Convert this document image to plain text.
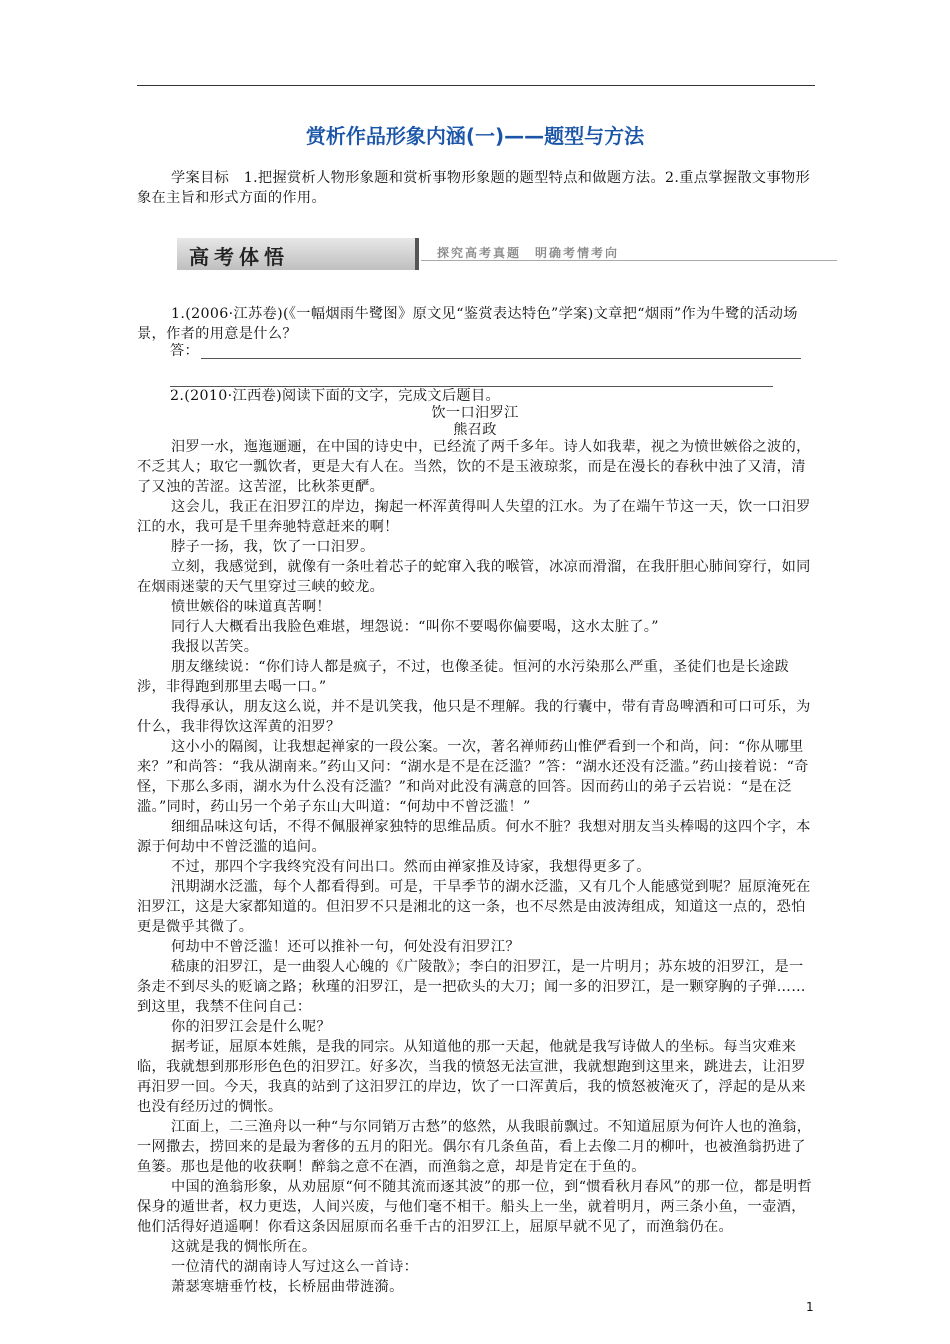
赏析作品形象内涵(一)——题型与方法
学案目标　1.把握赏析人物形象题和赏析事物形象题的题型特点和做题方法。2.重点掌握散文事物形象在主旨和形式方面的作用。
高考体悟	探究高考真题　明确考情考向
1.(2006·江苏卷)(《一幅烟雨牛鹭图》原文见“鉴赏表达特色”学案)文章把“烟雨”作为牛鹭的活动场景，作者的用意是什么？
答：
2.(2010·江西卷)阅读下面的文字，完成文后题目。
饮一口汨罗江
熊召政

汨罗一水，迤迤逦逦，在中国的诗史中，已经流了两千多年。诗人如我辈，视之为愤世嫉俗之波的，不乏其人；取它一瓢饮者，更是大有人在。当然，饮的不是玉液琼浆，而是在漫长的春秋中浊了又清，清了又浊的苦涩。这苦涩，比秋茶更酽。

这会儿，我正在汨罗江的岸边，掬起一杯浑黄得叫人失望的江水。为了在端午节这一天，饮一口汨罗江的水，我可是千里奔驰特意赶来的啊！

脖子一扬，我，饮了一口汨罗。

立刻，我感觉到，就像有一条吐着芯子的蛇窜入我的喉管，冰凉而滑溜，在我肝胆心肺间穿行，如同在烟雨迷蒙的天气里穿过三峡的蛟龙。

愤世嫉俗的味道真苦啊！

同行人大概看出我脸色难堪，埋怨说：“叫你不要喝你偏要喝，这水太脏了。”

我报以苦笑。

朋友继续说：“你们诗人都是疯子，不过，也像圣徒。恒河的水污染那么严重，圣徒们也是长途跋涉，非得跑到那里去喝一口。”

我得承认，朋友这么说，并不是讥笑我，他只是不理解。我的行囊中，带有青岛啤酒和可口可乐，为什么，我非得饮这浑黄的汨罗？

这小小的隔阂，让我想起禅家的一段公案。一次，著名禅师药山惟俨看到一个和尚，问：“你从哪里来？”和尚答：“我从湖南来。”药山又问：“湖水是不是在泛滥？”答：“湖水还没有泛滥。”药山接着说：“奇怪，下那么多雨，湖水为什么没有泛滥？”和尚对此没有满意的回答。因而药山的弟子云岩说：“是在泛滥。”同时，药山另一个弟子东山大叫道：“何劫中不曾泛滥！”

细细品味这句话，不得不佩服禅家独特的思维品质。何水不脏？我想对朋友当头棒喝的这四个字，本源于何劫中不曾泛滥的追问。

不过，那四个字我终究没有问出口。然而由禅家推及诗家，我想得更多了。

汛期湖水泛滥，每个人都看得到。可是，干旱季节的湖水泛滥，又有几个人能感觉到呢？屈原淹死在汨罗江，这是大家都知道的。但汨罗不只是湘北的这一条，也不尽然是由波涛组成，知道这一点的，恐怕更是微乎其微了。

何劫中不曾泛滥！还可以推补一句，何处没有汨罗江？

嵇康的汨罗江，是一曲裂人心魄的《广陵散》；李白的汨罗江，是一片明月；苏东坡的汨罗江，是一条走不到尽头的贬谪之路；秋瑾的汨罗江，是一把砍头的大刀；闻一多的汨罗江，是一颗穿胸的子弹……到这里，我禁不住问自己：

你的汨罗江会是什么呢？

据考证，屈原本姓熊，是我的同宗。从知道他的那一天起，他就是我写诗做人的坐标。每当灾难来临，我就想到那形形色色的汨罗江。好多次，当我的愤怒无法宣泄，我就想跑到这里来，跳进去，让汨罗再汨罗一回。今天，我真的站到了这汨罗江的岸边，饮了一口浑黄后，我的愤怒被淹灭了，浮起的是从来也没有经历过的惆怅。

江面上，二三渔舟以一种“与尔同销万古愁”的悠然，从我眼前飘过。不知道屈原为何许人也的渔翁，一网撒去，捞回来的是最为奢侈的五月的阳光。偶尔有几条鱼苗，看上去像二月的柳叶，也被渔翁扔进了鱼篓。那也是他的收获啊！醉翁之意不在酒，而渔翁之意，却是肯定在于鱼的。

中国的渔翁形象，从劝屈原“何不随其流而逐其波”的那一位，到“惯看秋月春风”的那一位，都是明哲保身的遁世者，权力更迭，人间兴废，与他们毫不相干。船头上一坐，就着明月，两三条小鱼，一壶酒，他们活得好逍遥啊！你看这条因屈原而名垂千古的汨罗江上，屈原早就不见了，而渔翁仍在。

这就是我的惆怅所在。

一位清代的湖南诗人写过这么一首诗：

萧瑟寒塘垂竹枝，长桥屈曲带涟漪。

1
